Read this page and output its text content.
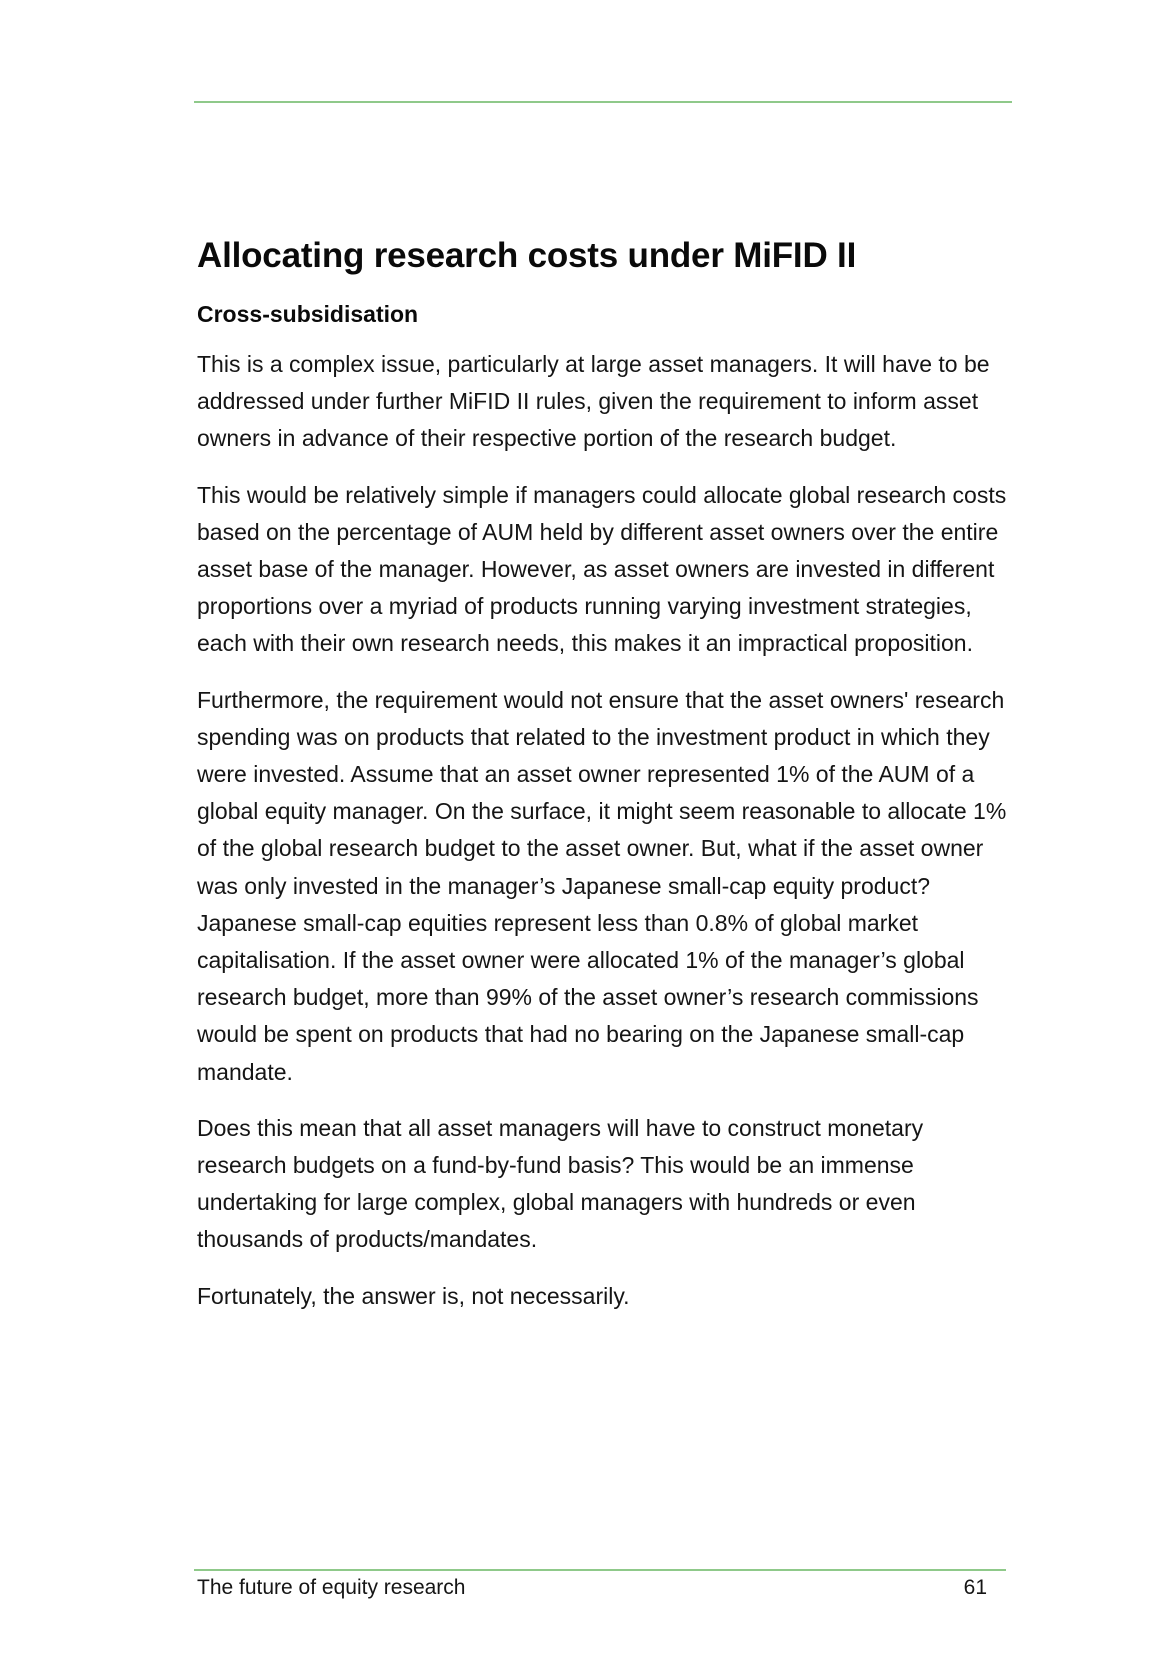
Allocating research costs under MiFID II
Cross-subsidisation

This is a complex issue, particularly at large asset managers. It will have to be addressed under further MiFID II rules, given the requirement to inform asset owners in advance of their respective portion of the research budget.

This would be relatively simple if managers could allocate global research costs based on the percentage of AUM held by different asset owners over the entire asset base of the manager. However, as asset owners are invested in different proportions over a myriad of products running varying investment strategies, each with their own research needs, this makes it an impractical proposition.

Furthermore, the requirement would not ensure that the asset owners' research spending was on products that related to the investment product in which they were invested. Assume that an asset owner represented 1% of the AUM of a global equity manager. On the surface, it might seem reasonable to allocate 1% of the global research budget to the asset owner. But, what if the asset owner was only invested in the manager’s Japanese small-cap equity product? Japanese small-cap equities represent less than 0.8% of global market capitalisation. If the asset owner were allocated 1% of the manager’s global research budget, more than 99% of the asset owner’s research commissions would be spent on products that had no bearing on the Japanese small-cap mandate.

Does this mean that all asset managers will have to construct monetary research budgets on a fund-by-fund basis? This would be an immense undertaking for large complex, global managers with hundreds or even thousands of products/mandates.

Fortunately, the answer is, not necessarily.

The future of equity research	61
